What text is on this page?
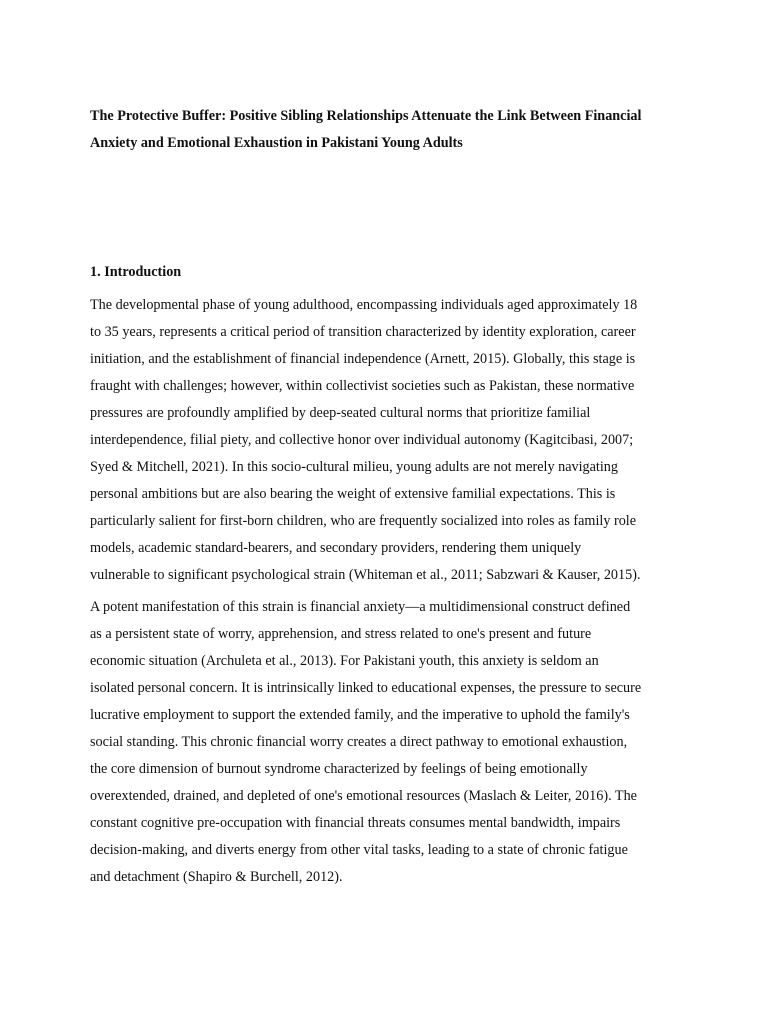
The Protective Buffer: Positive Sibling Relationships Attenuate the Link Between Financial
Anxiety and Emotional Exhaustion in Pakistani Young Adults
1. Introduction

The developmental phase of young adulthood, encompassing individuals aged approximately 18
to 35 years, represents a critical period of transition characterized by identity exploration, career
initiation, and the establishment of financial independence (Arnett, 2015). Globally, this stage is
fraught with challenges; however, within collectivist societies such as Pakistan, these normative
pressures are profoundly amplified by deep-seated cultural norms that prioritize familial
interdependence, filial piety, and collective honor over individual autonomy (Kagitcibasi, 2007;
Syed & Mitchell, 2021). In this socio-cultural milieu, young adults are not merely navigating
personal ambitions but are also bearing the weight of extensive familial expectations. This is
particularly salient for first-born children, who are frequently socialized into roles as family role
models, academic standard-bearers, and secondary providers, rendering them uniquely
vulnerable to significant psychological strain (Whiteman et al., 2011; Sabzwari & Kauser, 2015).

A potent manifestation of this strain is financial anxiety—a multidimensional construct defined
as a persistent state of worry, apprehension, and stress related to one's present and future
economic situation (Archuleta et al., 2013). For Pakistani youth, this anxiety is seldom an
isolated personal concern. It is intrinsically linked to educational expenses, the pressure to secure
lucrative employment to support the extended family, and the imperative to uphold the family's
social standing. This chronic financial worry creates a direct pathway to emotional exhaustion,
the core dimension of burnout syndrome characterized by feelings of being emotionally
overextended, drained, and depleted of one's emotional resources (Maslach & Leiter, 2016). The
constant cognitive pre-occupation with financial threats consumes mental bandwidth, impairs
decision-making, and diverts energy from other vital tasks, leading to a state of chronic fatigue
and detachment (Shapiro & Burchell, 2012).
